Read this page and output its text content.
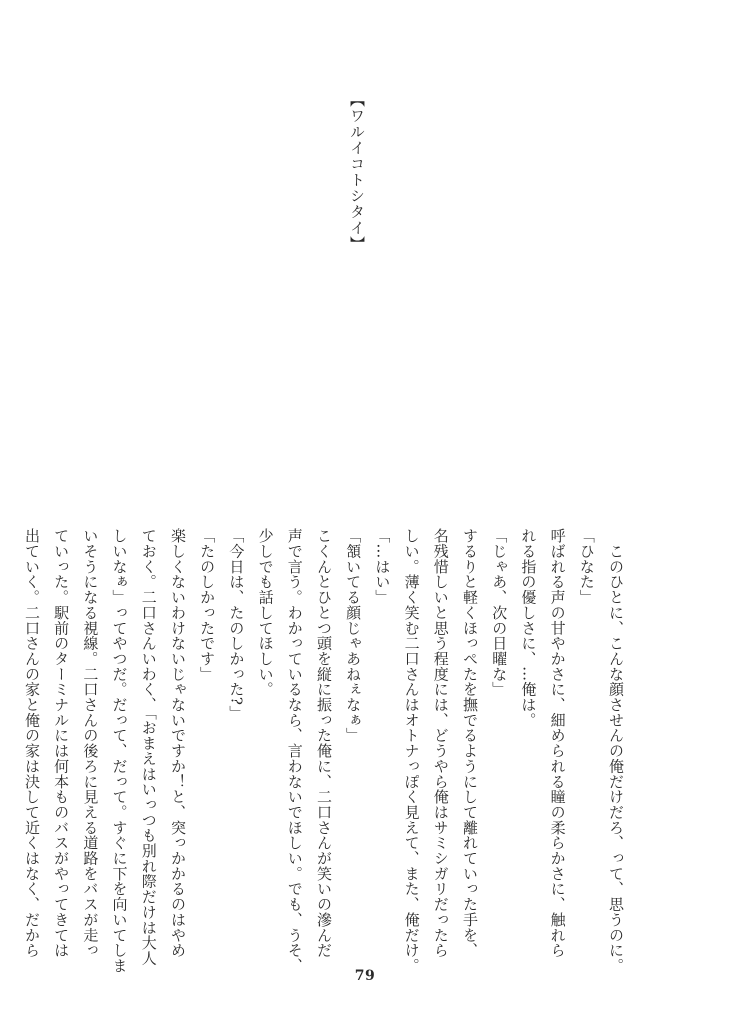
【ワルイコトシタイ】
　このひとに、こんな顔させんの俺だけだろ、って、思うのに。
「ひなた」
呼ばれる声の甘やかさに、細められる瞳の柔らかさに、触れら
れる指の優しさに、…俺は。
「じゃあ、次の日曜な」
するりと軽くほっぺたを撫でるようにして離れていった手を、
名残惜しいと思う程度には、どうやら俺はサミシガリだったら
しい。薄く笑む二口さんはオトナっぽく見えて、また、俺だけ。
「…はい」
「頷いてる顔じゃあねぇなぁ」
こくんとひとつ頭を縦に振った俺に、二口さんが笑いの滲んだ
声で言う。わかっているなら、言わないでほしい。でも、うそ、
少しでも話してほしい。
「今日は、たのしかった?」
「たのしかったです」
楽しくないわけないじゃないですか！と、突っかかるのはやめ
ておく。二口さんいわく、「おまえはいっつも別れ際だけは大人
しいなぁ」ってやつだ。だって、だって。すぐに下を向いてしま
いそうになる視線。二口さんの後ろに見える道路をバスが走っ
ていった。駅前のターミナルには何本ものバスがやってきては
出ていく。二口さんの家と俺の家は決して近くはなく、だから
79
